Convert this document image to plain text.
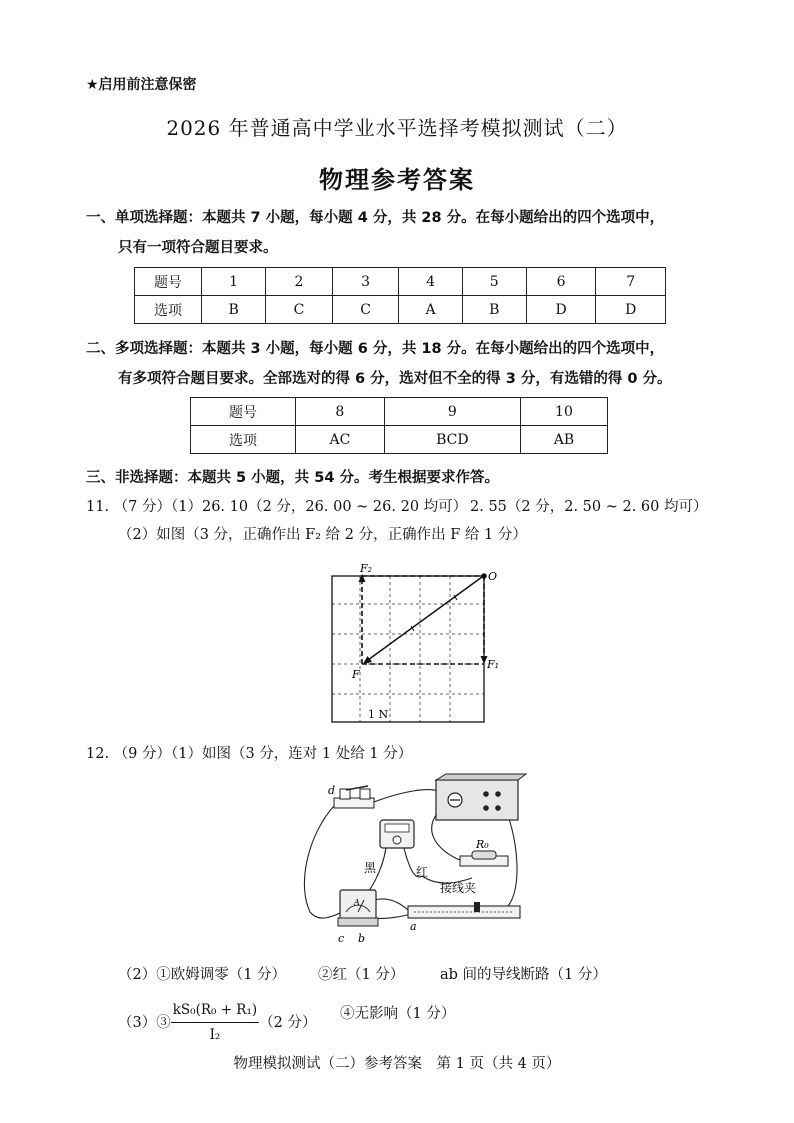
★启用前注意保密
2026 年普通高中学业水平选择考模拟测试（二）
物理参考答案
一、单项选择题：本题共 7 小题，每小题 4 分，共 28 分。在每小题给出的四个选项中，
只有一项符合题目要求。
题号	1	2	3	4	5	6	7
选项	B	C	C	A	B	D	D
二、多项选择题：本题共 3 小题，每小题 6 分，共 18 分。在每小题给出的四个选项中，
有多项符合题目要求。全部选对的得 6 分，选对但不全的得 3 分，有选错的得 0 分。
题号	8	9	10
选项	AC	BCD	AB
三、非选择题：本题共 5 小题，共 54 分。考生根据要求作答。
11. （7 分）（1）26. 10（2 分，26. 00 ~ 26. 20 均可） 2. 55（2 分，2. 50 ~ 2. 60 均可）
（2）如图（3 分，正确作出 F₂ 给 2 分，正确作出 F 给 1 分）
F₂
O
F₁
F
1 N
12. （9 分）（1）如图（3 分，连对 1 处给 1 分）
d
黑	红
R₀
接线夹
a
A
c b
（2）①欧姆调零（1 分） ②红（1 分） ab 间的导线断路（1 分）
（3）③ $\frac{\text{kS₀(R₀ + R₁)}}{\text{I₂}} (2$ 分）
④无影响（1 分）
物理模拟测试（二）参考答案　第 1 页（共 4 页）
